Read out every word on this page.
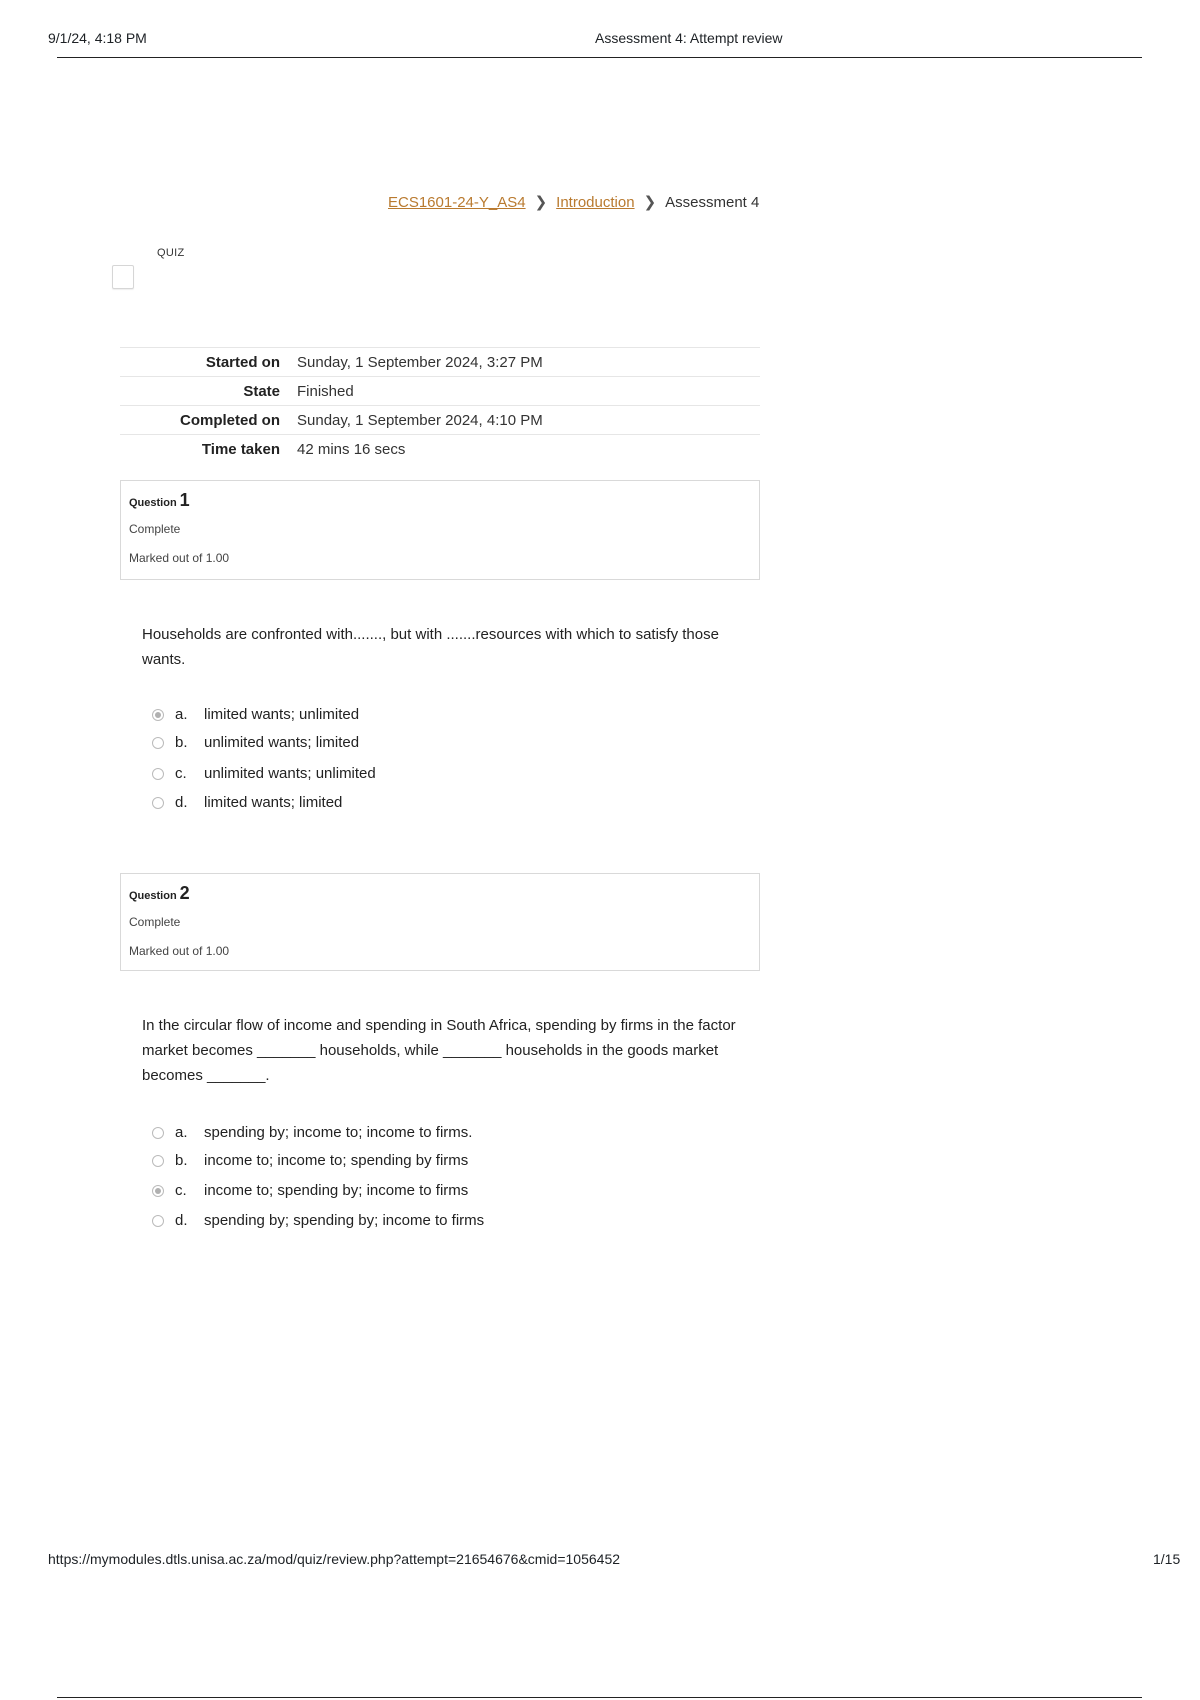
9/1/24, 4:18 PM	Assessment 4: Attempt review
ECS1601-24-Y_AS4 ❯ Introduction ❯ Assessment 4
QUIZ
Started on	Sunday, 1 September 2024, 3:27 PM
State	Finished
Completed on	Sunday, 1 September 2024, 4:10 PM
Time taken	42 mins 16 secs
Question 1
Complete
Marked out of 1.00
Households are confronted with......., but with .......resources with which to satisfy those wants.
a.	limited wants; unlimited
b.	unlimited wants; limited
c.	unlimited wants; unlimited
d.	limited wants; limited
Question 2
Complete
Marked out of 1.00
In the circular flow of income and spending in South Africa, spending by firms in the factor market becomes _______ households, while _______ households in the goods market becomes _______.
a.	spending by; income to; income to firms.
b.	income to; income to; spending by firms
c.	income to; spending by; income to firms
d.	spending by; spending by; income to firms
https://mymodules.dtls.unisa.ac.za/mod/quiz/review.php?attempt=21654676&cmid=1056452	1/15
